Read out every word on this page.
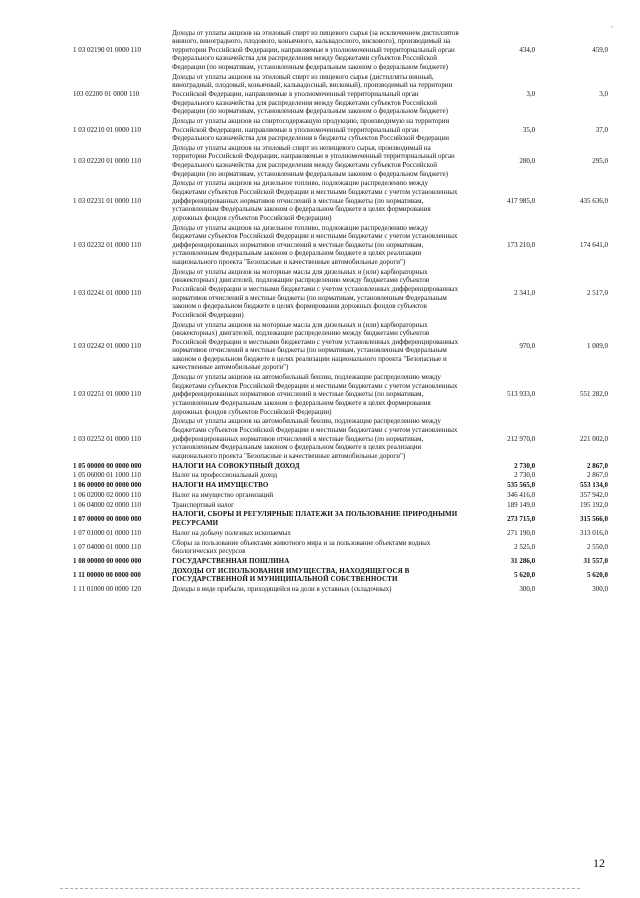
•
1 03 02190 01 0000 110	Доходы от уплаты акцизов на этиловый спирт из пищевого сырья (за исключением дистиллятов винного, виноградного, плодового, коньячного, кальвадосного, вискового), производимый на территории Российской Федерации, направляемые в уполномоченный территориальный орган Федерального казначейства для распределения между бюджетами субъектов Российской Федерации (по нормативам, установленным федеральным законом о федеральном бюджете)	434,0	459,0
103 02200 01 0000 110	Доходы от уплаты акцизов на этиловый спирт из пищевого сырья (дистилляты винный, виноградный, плодовый, коньячный, кальвадосный, висковый), производимый на территории Российской Федерации, направляемые в уполномоченный территориальный орган Федерального казначейства для распределения между бюджетами субъектов Российской Федерации (по нормативам, установленным федеральным законом о федеральном бюджете)	3,0	3,0
1 03 02210 01 0000 110	Доходы от уплаты акцизов на спиртосодержащую продукцию, производимую на территории Российской Федерации, направляемые в уполномоченный территориальный орган Федерального казначейства для распределения в бюджеты субъектов Российской Федерации	35,0	37,0
1 03 02220 01 0000 110	Доходы от уплаты акцизов на этиловый спирт из непищевого сырья, производимый на территории Российской Федерации, направляемые в уполномоченный территориальный орган Федерального казначейства для распределения между бюджетами субъектов Российской Федерации (по нормативам, установленным федеральным законом о федеральном бюджете)	280,0	295,0
1 03 02231 01 0000 110	Доходы от уплаты акцизов на дизельное топливо, подлежащие распределению между бюджетами субъектов Российской Федерации и местными бюджетами с учетом установленных дифференцированных нормативов отчислений в местные бюджеты (по нормативам, установленным Федеральным законом о федеральном бюджете в целях формирования дорожных фондов субъектов Российской Федерации)	417 985,0	435 636,0
1 03 02232 01 0000 110	Доходы от уплаты акцизов на дизельное топливо, подлежащие распределению между бюджетами субъектов Российской Федерации и местными бюджетами с учетом установленных дифференцированных нормативов отчислений в местные бюджеты (по нормативам, установленным Федеральным законом о федеральном бюджете в целях реализации национального проекта "Безопасные и качественные автомобильные дороги")	173 210,0	174 641,0
1 03 02241 01 0000 110	Доходы от уплаты акцизов на моторные масла для дизельных и (или) карбюраторных (инжекторных) двигателей, подлежащие распределению между бюджетами субъектов Российской Федерации и местными бюджетами с учетом установленных дифференцированных нормативов отчислений в местные бюджеты (по нормативам, установленным Федеральным законом о федеральном бюджете в целях формирования дорожных фондов субъектов Российской Федерации)	2 341,0	2 517,0
1 03 02242 01 0000 110	Доходы от уплаты акцизов на моторные масла для дизельных и (или) карбюраторных (инжекторных) двигателей, подлежащие распределению между бюджетами субъектов Российской Федерации и местными бюджетами с учетом установленных дифференцированных нормативов отчислений в местные бюджеты (по нормативам, установленным Федеральным законом о федеральном бюджете в целях реализации национального проекта "Безопасные и качественные автомобильные дороги")	970,0	1 009,0
1 03 02251 01 0000 110	Доходы от уплаты акцизов на автомобильный бензин, подлежащие распределению между бюджетами субъектов Российской Федерации и местными бюджетами с учетом установленных дифференцированных нормативов отчислений в местные бюджеты (по нормативам, установленным Федеральным законом о федеральном бюджете в целях формирования дорожных фондов субъектов Российской Федерации)	513 933,0	551 282,0
1 03 02252 01 0000 110	Доходы от уплаты акцизов на автомобильный бензин, подлежащие распределению между бюджетами субъектов Российской Федерации и местными бюджетами с учетом установленных дифференцированных нормативов отчислений в местные бюджеты (по нормативам, установленным Федеральным законом о федеральном бюджете в целях реализации национального проекта "Безопасные и качественные автомобильные дороги")	212 970,0	221 002,0
1 05 00000 00 0000 000	НАЛОГИ НА СОВОКУПНЫЙ ДОХОД	2 730,0	2 867,0
1 05 06000 01 1000 110	Налог на профессиональный доход	2 730,0	2 867,0
1 06 00000 00 0000 000	НАЛОГИ НА ИМУЩЕСТВО	535 565,0	553 134,0
1 06 02000 02 0000 110	Налог на имущество организаций	346 416,0	357 942,0
1 06 04000 02 0000 110	Транспортный налог	189 149,0	195 192,0
1 07 00000 00 0000 000	НАЛОГИ, СБОРЫ И РЕГУЛЯРНЫЕ ПЛАТЕЖИ ЗА ПОЛЬЗОВАНИЕ ПРИРОДНЫМИ РЕСУРСАМИ	273 715,0	315 566,0
1 07 01000 01 0000 110	Налог на добычу полезных ископаемых	271 190,0	313 016,0
1 07 04000 01 0000 110	Сборы за пользование объектами животного мира и за пользование объектами водных биологических ресурсов	2 525,0	2 550,0
1 08 00000 00 0000 000	ГОСУДАРСТВЕННАЯ ПОШЛИНА	31 286,0	31 557,0
1 11 00000 00 0000 000	ДОХОДЫ ОТ ИСПОЛЬЗОВАНИЯ ИМУЩЕСТВА, НАХОДЯЩЕГОСЯ В ГОСУДАРСТВЕННОЙ И МУНИЦИПАЛЬНОЙ СОБСТВЕННОСТИ	5 620,0	5 620,0
1 11 01000 00 0000 120	Доходы в виде прибыли, приходящейся на доли в уставных (складочных)	300,0	300,0
12
